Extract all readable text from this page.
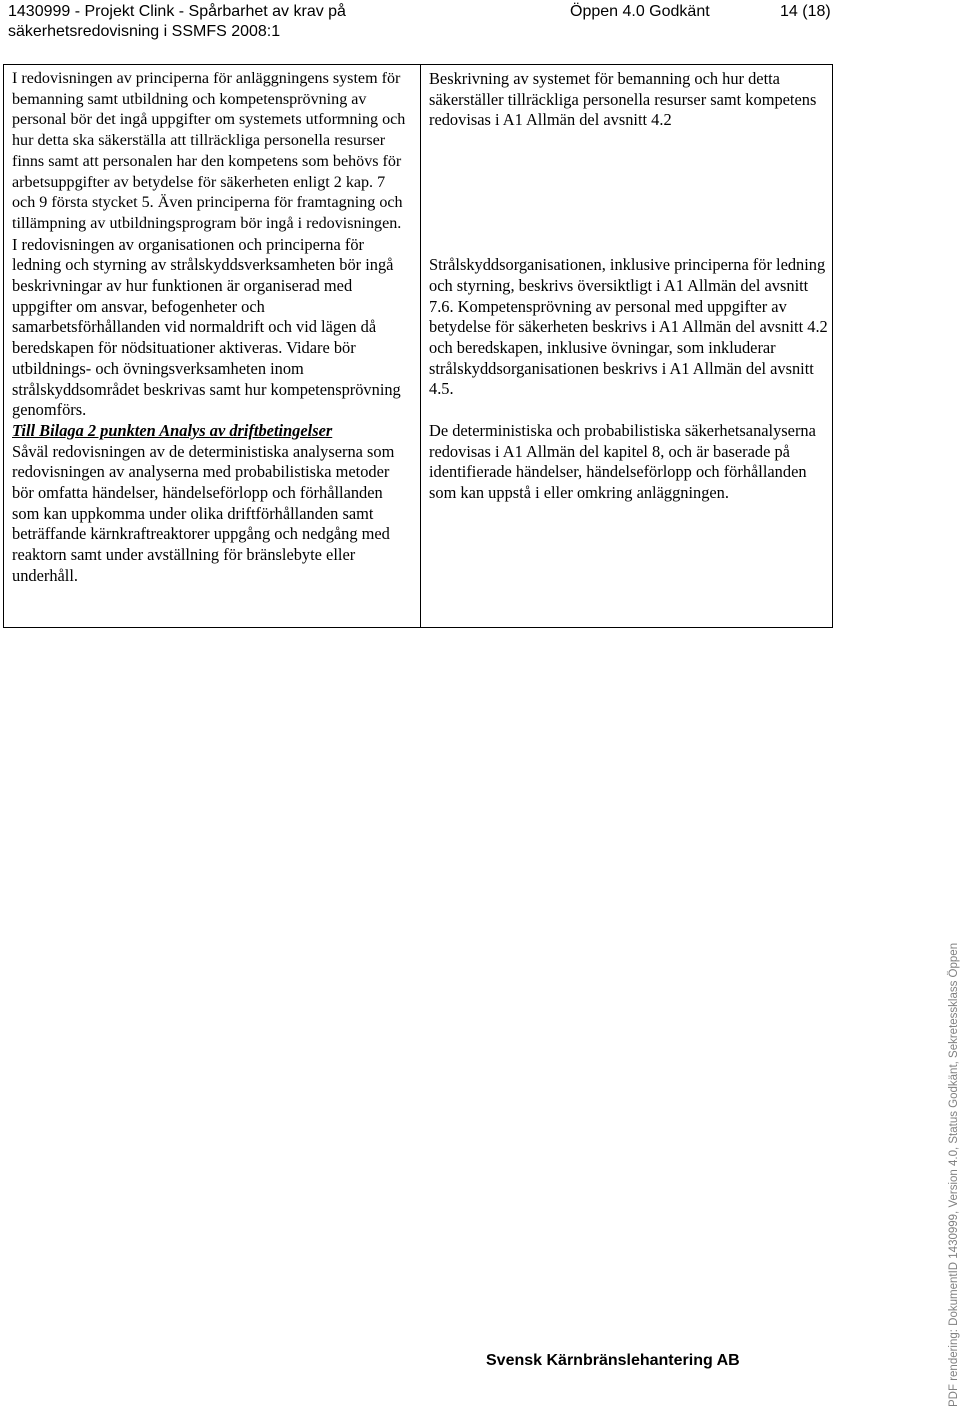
1430999 - Projekt Clink - Spårbarhet av krav på
säkerhetsredovisning i SSMFS 2008:1
Öppen 4.0 Godkänt	14 (18)

I redovisningen av principerna för anläggningens system för bemanning samt utbildning och kompetensprövning av personal bör det ingå uppgifter om systemets utformning och hur detta ska säkerställa att tillräckliga personella resurser finns samt att personalen har den kompetens som behövs för arbetsuppgifter av betydelse för säkerheten enligt 2 kap. 7 och 9 första stycket 5. Även principerna för framtagning och tillämpning av utbildningsprogram bör ingå i redovisningen.

I redovisningen av organisationen och principerna för ledning och styrning av strålskyddsverksamheten bör ingå beskrivningar av hur funktionen är organiserad med uppgifter om ansvar, befogenheter och samarbetsförhållanden vid normaldrift och vid lägen då beredskapen för nödsituationer aktiveras. Vidare bör utbildnings- och övningsverksamheten inom strålskyddsområdet beskrivas samt hur kompetensprövning genomförs.

Till Bilaga 2 punkten Analys av driftbetingelser

Såväl redovisningen av de deterministiska analyserna som redovisningen av analyserna med probabilistiska metoder bör omfatta händelser, händelseförlopp och förhållanden som kan uppkomma under olika driftförhållanden samt beträffande kärnkraftreaktorer uppgång och nedgång med reaktorn samt under avställning för bränslebyte eller underhåll.

Beskrivning av systemet för bemanning och hur detta säkerställer tillräckliga personella resurser samt kompetens redovisas i A1 Allmän del avsnitt 4.2

Strålskyddsorganisationen, inklusive principerna för ledning och styrning, beskrivs översiktligt i A1 Allmän del avsnitt 7.6. Kompetensprövning av personal med uppgifter av betydelse för säkerheten beskrivs i A1 Allmän del avsnitt 4.2 och beredskapen, inklusive övningar, som inkluderar strålskyddsorganisationen beskrivs i A1 Allmän del avsnitt 4.5.

De deterministiska och probabilistiska säkerhetsanalyserna redovisas i A1 Allmän del kapitel 8, och är baserade på identifierade händelser, händelseförlopp och förhållanden som kan uppstå i eller omkring anläggningen.

Svensk Kärnbränslehantering AB	PDF rendering: DokumentID 1430999, Version 4.0, Status Godkänt, Sekretessklass Öppen
